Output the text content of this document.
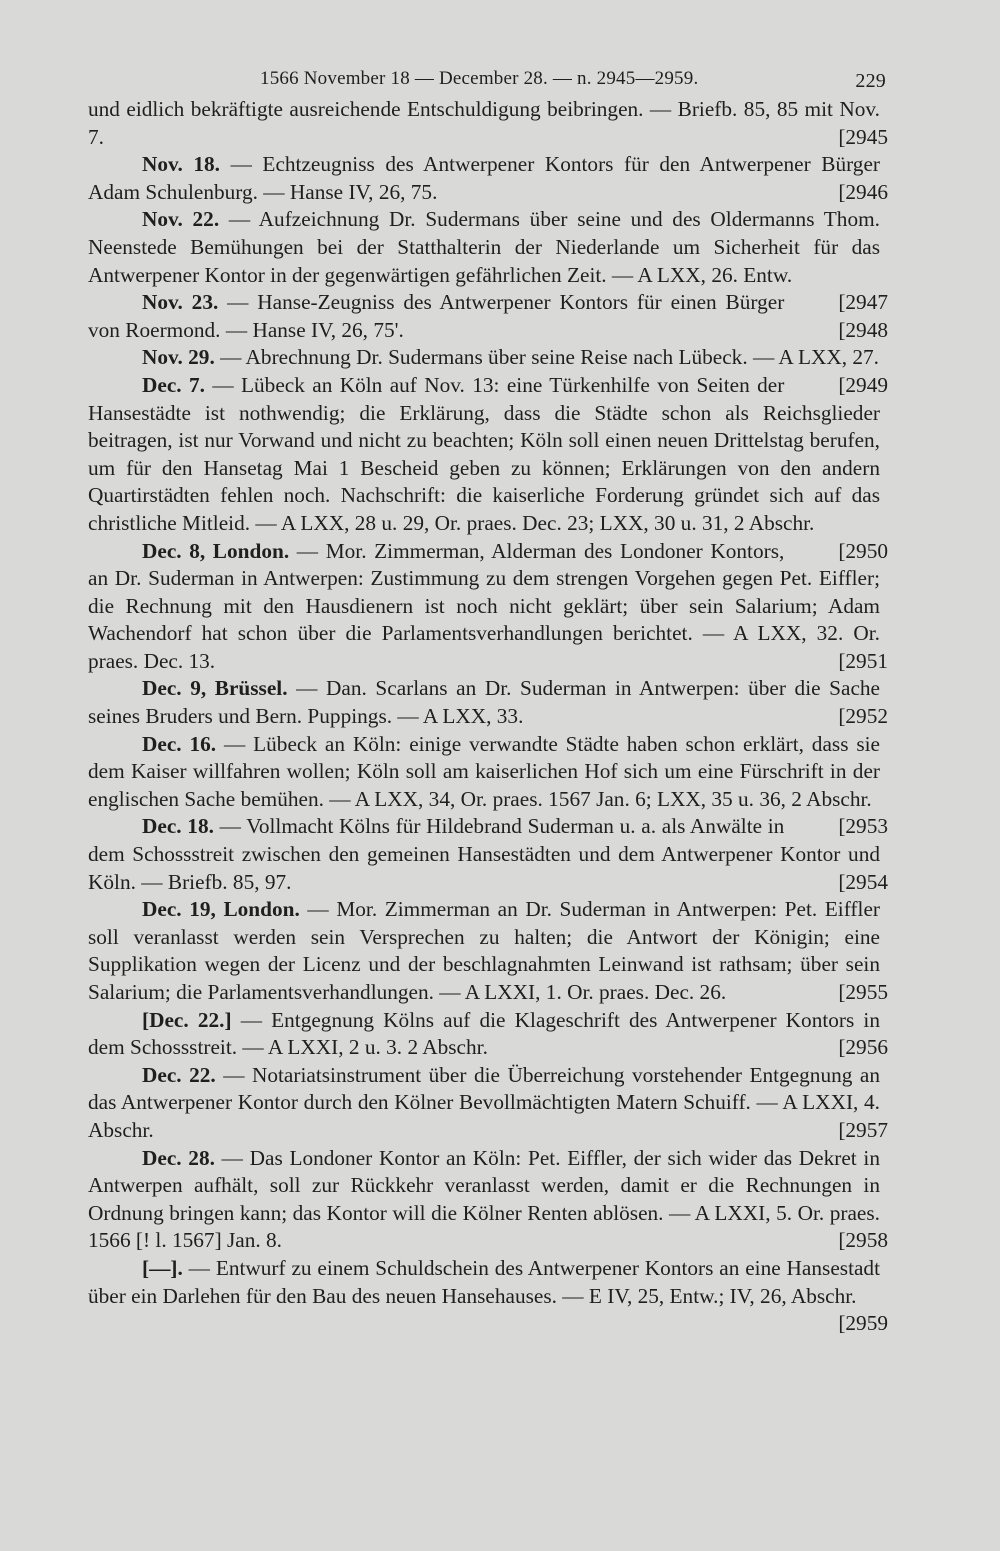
1566 November 18 — December 28. — n. 2945—2959.	229

und eidlich bekräftigte ausreichende Entschuldigung beibringen. — Briefb. 85, 85 mit Nov. 7.	[2945

Nov. 18. — Echtzeugniss des Antwerpener Kontors für den Antwerpener Bürger Adam Schulenburg. — Hanse IV, 26, 75.	[2946

Nov. 22. — Aufzeichnung Dr. Sudermans über seine und des Oldermanns Thom. Neenstede Bemühungen bei der Statthalterin der Niederlande um Sicherheit für das Antwerpener Kontor in der gegenwärtigen gefährlichen Zeit. — A LXX, 26. Entw.
[2947

Nov. 23. — Hanse-Zeugniss des Antwerpener Kontors für einen Bürger von Roermond. — Hanse IV, 26, 75'.	[2948

Nov. 29. — Abrechnung Dr. Sudermans über seine Reise nach Lübeck. — A LXX, 27.
[2949

Dec. 7. — Lübeck an Köln auf Nov. 13: eine Türkenhilfe von Seiten der Hansestädte ist nothwendig; die Erklärung, dass die Städte schon als Reichsglieder beitragen, ist nur Vorwand und nicht zu beachten; Köln soll einen neuen Drittelstag berufen, um für den Hansetag Mai 1 Bescheid geben zu können; Erklärungen von den andern Quartirstädten fehlen noch. Nachschrift: die kaiserliche Forderung gründet sich auf das christliche Mitleid. — A LXX, 28 u. 29, Or. praes. Dec. 23; LXX, 30 u. 31, 2 Abschr.
[2950

Dec. 8, London. — Mor. Zimmerman, Alderman des Londoner Kontors, an Dr. Suderman in Antwerpen: Zustimmung zu dem strengen Vorgehen gegen Pet. Eiffler; die Rechnung mit den Hausdienern ist noch nicht geklärt; über sein Salarium; Adam Wachendorf hat schon über die Parlamentsverhandlungen berichtet. — A LXX, 32. Or. praes. Dec. 13.	[2951

Dec. 9, Brüssel. — Dan. Scarlans an Dr. Suderman in Antwerpen: über die Sache seines Bruders und Bern. Puppings. — A LXX, 33.	[2952

Dec. 16. — Lübeck an Köln: einige verwandte Städte haben schon erklärt, dass sie dem Kaiser willfahren wollen; Köln soll am kaiserlichen Hof sich um eine Fürschrift in der englischen Sache bemühen. — A LXX, 34, Or. praes. 1567 Jan. 6; LXX, 35 u. 36, 2 Abschr.
[2953

Dec. 18. — Vollmacht Kölns für Hildebrand Suderman u. a. als Anwälte in dem Schossstreit zwischen den gemeinen Hansestädten und dem Antwerpener Kontor und Köln. — Briefb. 85, 97.	[2954

Dec. 19, London. — Mor. Zimmerman an Dr. Suderman in Antwerpen: Pet. Eiffler soll veranlasst werden sein Versprechen zu halten; die Antwort der Königin; eine Supplikation wegen der Licenz und der beschlagnahmten Leinwand ist rathsam; über sein Salarium; die Parlamentsverhandlungen. — A LXXI, 1. Or. praes. Dec. 26.	[2955

[Dec. 22.] — Entgegnung Kölns auf die Klageschrift des Antwerpener Kontors in dem Schossstreit. — A LXXI, 2 u. 3. 2 Abschr.	[2956

Dec. 22. — Notariatsinstrument über die Überreichung vorstehender Entgegnung an das Antwerpener Kontor durch den Kölner Bevollmächtigten Matern Schuiff. — A LXXI, 4. Abschr.	[2957

Dec. 28. — Das Londoner Kontor an Köln: Pet. Eiffler, der sich wider das Dekret in Antwerpen aufhält, soll zur Rückkehr veranlasst werden, damit er die Rechnungen in Ordnung bringen kann; das Kontor will die Kölner Renten ablösen. — A LXXI, 5. Or. praes. 1566 [! l. 1567] Jan. 8.	[2958

[—]. — Entwurf zu einem Schuldschein des Antwerpener Kontors an eine Hansestadt über ein Darlehen für den Bau des neuen Hansehauses. — E IV, 25, Entw.; IV, 26, Abschr.
[2959
